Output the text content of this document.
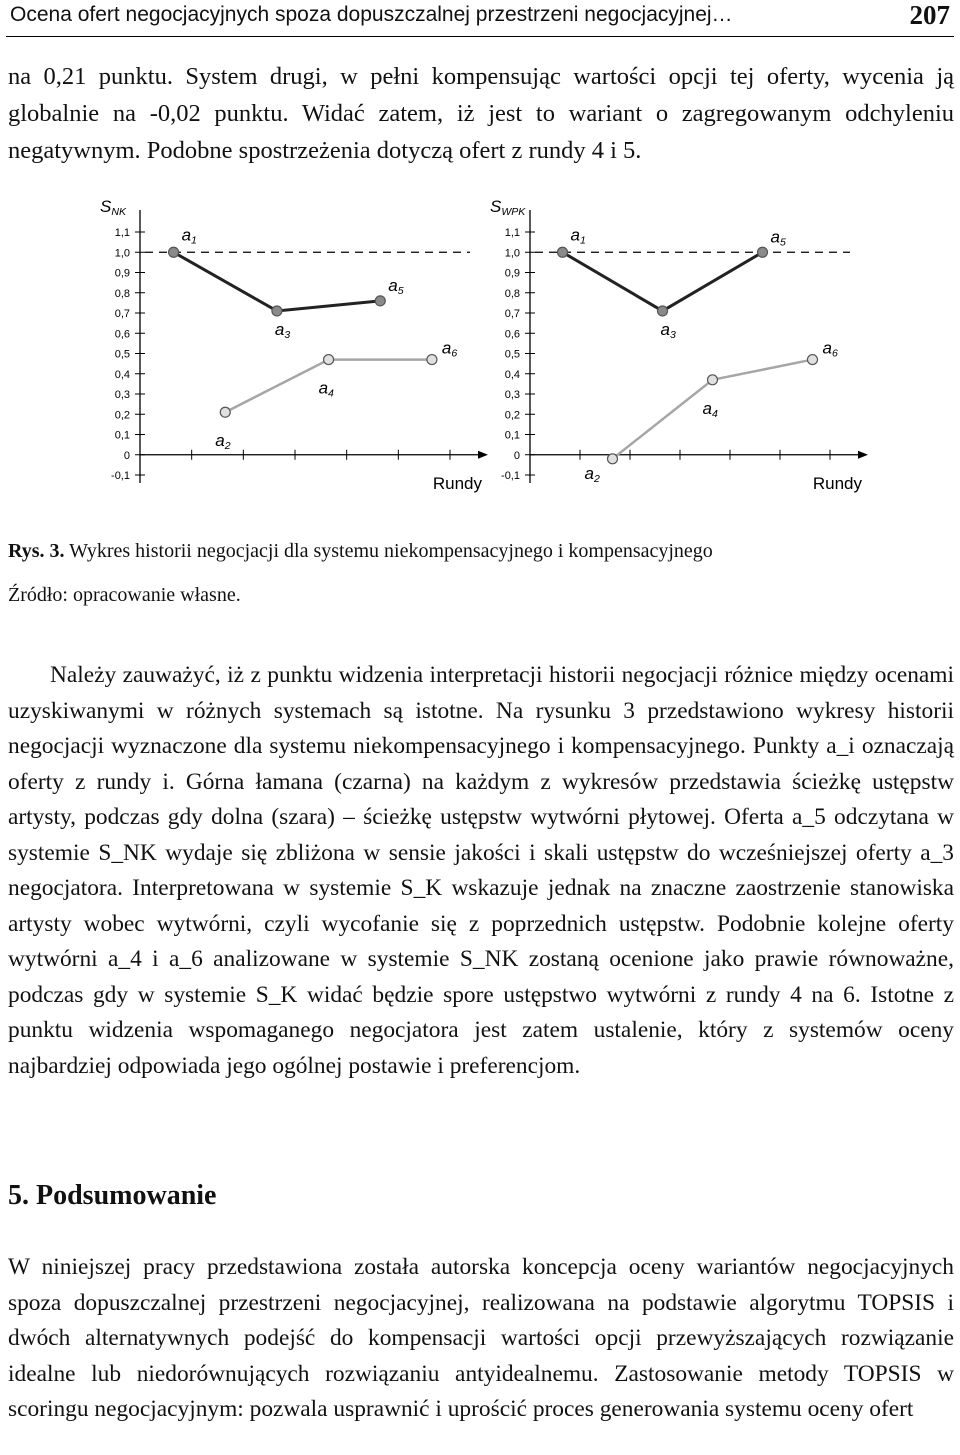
Ocena ofert negocjacyjnych spoza dopuszczalnej przestrzeni negocjacyjnej…	207

na 0,21 punktu. System drugi, w pełni kompensując wartości opcji tej oferty, wycenia ją globalnie na -0,02 punktu. Widać zatem, iż jest to wariant o zagregowanym odchyleniu negatywnym. Podobne spostrzeżenia dotyczą ofert z rundy 4 i 5.

SNK
1,1
1,0
0,9
0,8
0,7
0,6
0,5
0,4
0,3
0,2
0,1
0
-0,1	Rundy
a1
a3
a5
a2
a4
a6
SWPK
1,1
1,0
0,9
0,8
0,7
0,6
0,5
0,4
0,3
0,2
0,1
0
-0,1	Rundy
a1
a3
a5
a2
a4
a6
Rys. 3. Wykres historii negocjacji dla systemu niekompensacyjnego i kompensacyjnego
Źródło: opracowanie własne.

Należy zauważyć, iż z punktu widzenia interpretacji historii negocjacji różnice między ocenami uzyskiwanymi w różnych systemach są istotne. Na rysunku 3 przedstawiono wykresy historii negocjacji wyznaczone dla systemu niekompensacyjnego i kompensacyjnego. Punkty a_i oznaczają oferty z rundy i. Górna łamana (czarna) na każdym z wykresów przedstawia ścieżkę ustępstw artysty, podczas gdy dolna (szara) – ścieżkę ustępstw wytwórni płytowej. Oferta a_5 odczytana w systemie S_NK wydaje się zbliżona w sensie jakości i skali ustępstw do wcześniejszej oferty a_3 negocjatora. Interpretowana w systemie S_K wskazuje jednak na znaczne zaostrzenie stanowiska artysty wobec wytwórni, czyli wycofanie się z poprzednich ustępstw. Podobnie kolejne oferty wytwórni a_4 i a_6 analizowane w systemie S_NK zostaną ocenione jako prawie równoważne, podczas gdy w systemie S_K widać będzie spore ustępstwo wytwórni z rundy 4 na 6. Istotne z punktu widzenia wspomaganego negocjatora jest zatem ustalenie, który z systemów oceny najbardziej odpowiada jego ogólnej postawie i preferencjom.

5. Podsumowanie

W niniejszej pracy przedstawiona została autorska koncepcja oceny wariantów negocjacyjnych spoza dopuszczalnej przestrzeni negocjacyjnej, realizowana na podstawie algorytmu TOPSIS i dwóch alternatywnych podejść do kompensacji wartości opcji przewyższających rozwiązanie idealne lub niedorównujących rozwiązaniu antyidealnemu. Zastosowanie metody TOPSIS w scoringu negocjacyjnym: pozwala usprawnić i uprościć proces generowania systemu oceny ofert
